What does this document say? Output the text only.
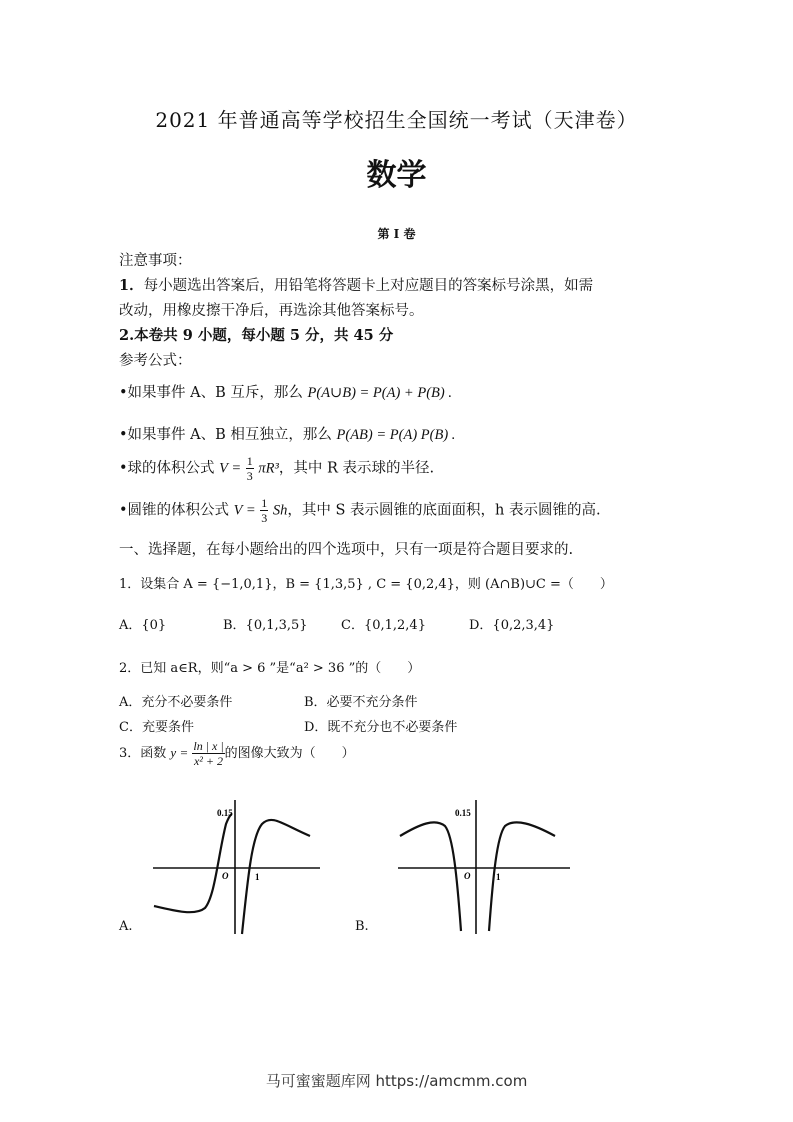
2021 年普通高等学校招生全国统一考试（天津卷）
数学
第 I 卷
注意事项：
1．每小题选出答案后，用铅笔将答题卡上对应题目的答案标号涂黑，如需
改动，用橡皮擦干净后，再选涂其他答案标号。
2.本卷共 9 小题，每小题 5 分，共 45 分
参考公式：
•如果事件 A、B 互斥，那么 P(A∪B) = P(A) + P(B) .
•如果事件 A、B 相互独立，那么 P(AB) = P(A) P(B) .
•球的体积公式 $V = \frac{1}{3} \pi R^3$，其中 R 表示球的半径.
•圆锥的体积公式 $V = \frac{1}{3}$ Sh，其中 S 表示圆锥的底面面积，h 表示圆锥的高.
一、选择题，在每小题给出的四个选项中，只有一项是符合题目要求的.
1．设集合 A = {−1,0,1}，B = {1,3,5} , C = {0,2,4}，则 (A∩B)∪C =（　　）
A．{0}	B．{0,1,3,5}	C．{0,1,2,4}	D．{0,2,3,4}
2．已知 a∈R，则“a > 6 ”是“a² > 36 ”的（　　）
A．充分不必要条件	B．必要不充分条件
C．充要条件	D．既不充分也不必要条件
3．函数 $y = \frac{\ln | x |}{\text{x² + 2}}$ 的图像大致为（　　）
0.15
O	1
A.
0.15
O	1
B.
马可蜜蜜题库网 https://amcmm.com
